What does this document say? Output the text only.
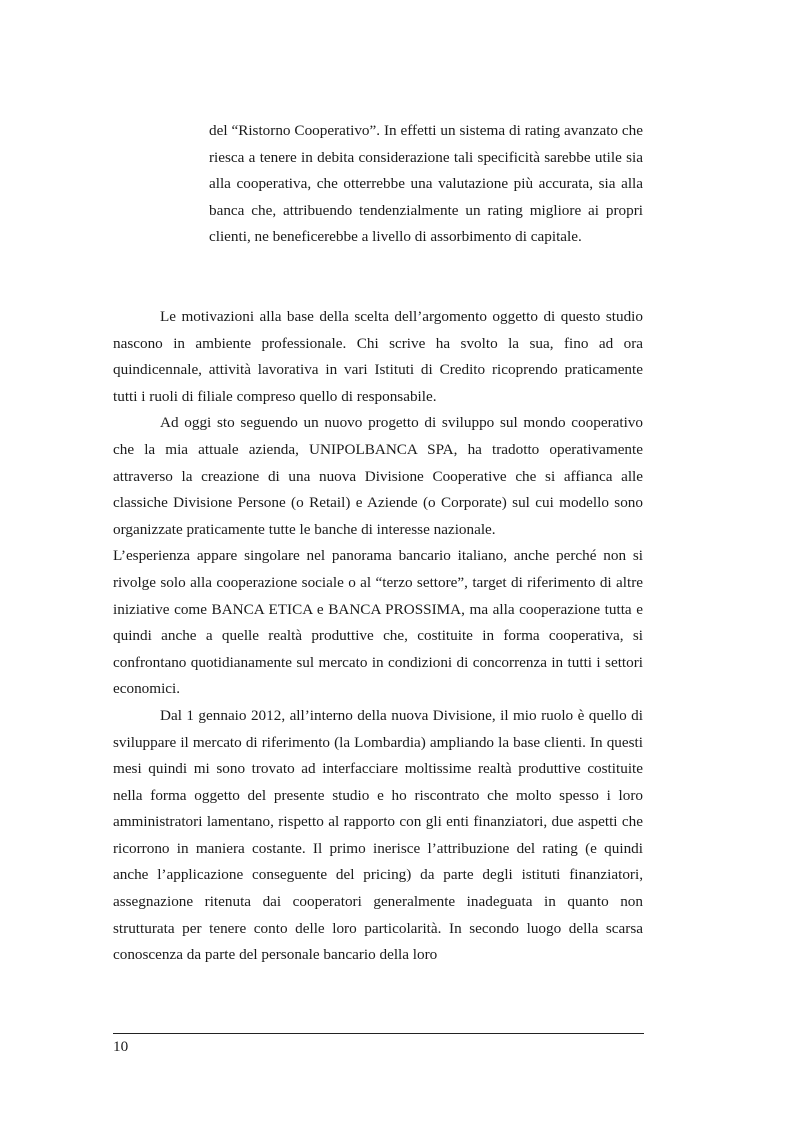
del “Ristorno Cooperativo”. In effetti un sistema di rating avanzato che riesca a tenere in debita considerazione tali specificità sarebbe utile sia alla cooperativa, che otterrebbe una valutazione più accurata, sia alla banca che, attribuendo tendenzialmente un rating migliore ai propri clienti, ne beneficerebbe a livello di assorbimento di capitale.

Le motivazioni alla base della scelta dell’argomento oggetto di questo studio nascono in ambiente professionale. Chi scrive ha svolto la sua, fino ad ora quindicennale, attività lavorativa in vari Istituti di Credito ricoprendo praticamente tutti i ruoli di filiale compreso quello di responsabile.

Ad oggi sto seguendo un nuovo progetto di sviluppo sul mondo cooperativo che la mia attuale azienda, UNIPOLBANCA SPA, ha tradotto operativamente attraverso la creazione di una nuova Divisione Cooperative che si affianca alle classiche Divisione Persone (o Retail) e Aziende (o Corporate) sul cui modello sono organizzate praticamente tutte le banche di interesse nazionale.

L’esperienza appare singolare nel panorama bancario italiano, anche perché non si rivolge solo alla cooperazione sociale o al “terzo settore”, target di riferimento di altre iniziative come BANCA ETICA e BANCA PROSSIMA, ma alla cooperazione tutta e quindi anche a quelle realtà produttive che, costituite in forma cooperativa, si confrontano quotidianamente sul mercato in condizioni di concorrenza in tutti i settori economici.

Dal 1 gennaio 2012, all’interno della nuova Divisione, il mio ruolo è quello di sviluppare il mercato di riferimento (la Lombardia) ampliando la base clienti. In questi mesi quindi mi sono trovato ad interfacciare moltissime realtà produttive costituite nella forma oggetto del presente studio e ho riscontrato che molto spesso i loro amministratori lamentano, rispetto al rapporto con gli enti finanziatori, due aspetti che ricorrono in maniera costante. Il primo inerisce l’attribuzione del rating (e quindi anche l’applicazione conseguente del pricing) da parte degli istituti finanziatori, assegnazione ritenuta dai cooperatori generalmente inadeguata in quanto non strutturata per tenere conto delle loro particolarità. In secondo luogo della scarsa conoscenza da parte del personale bancario della loro

10
